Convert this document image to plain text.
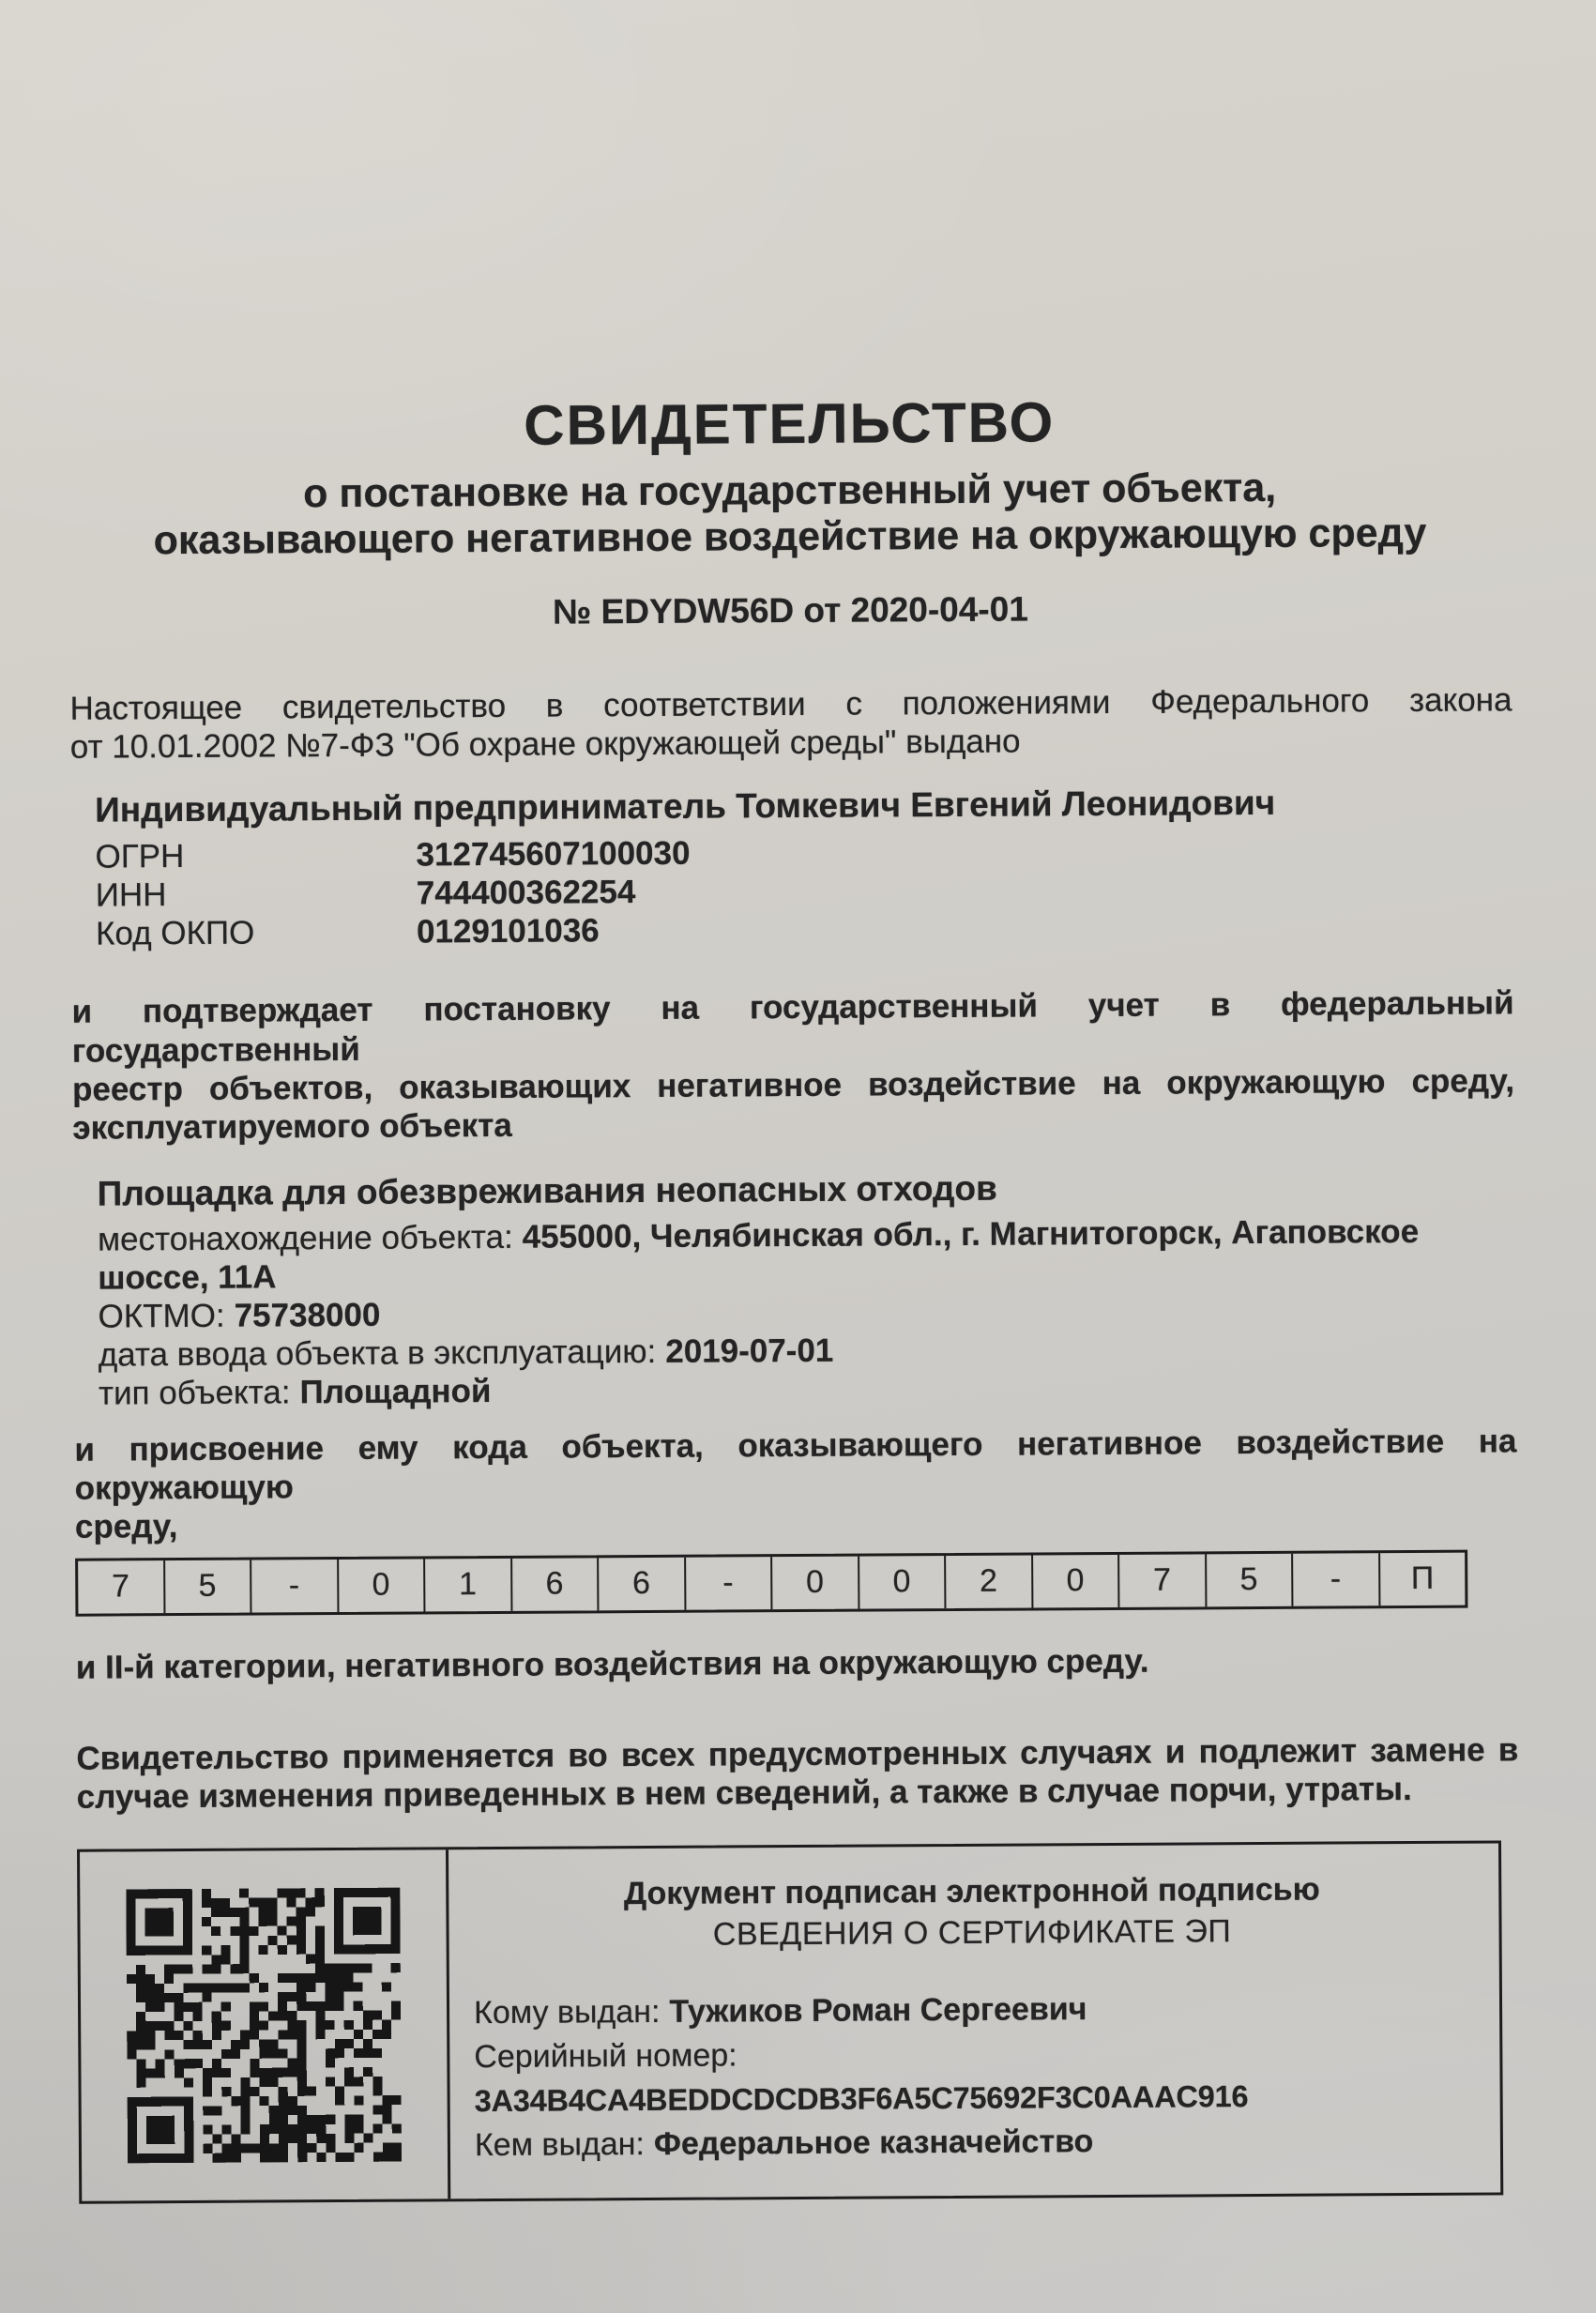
СВИДЕТЕЛЬСТВО
о постановке на государственный учет объекта,
оказывающего негативное воздействие на окружающую среду
№ EDYDW56D от 2020-04-01
Настоящее свидетельство в соответствии с положениями Федерального закона
от 10.01.2002 №7-ФЗ "Об охране окружающей среды" выдано
Индивидуальный предприниматель Томкевич Евгений Леонидович

ОГРН	312745607100030

ИНН	744400362254

Код ОКПО	0129101036

и подтверждает постановку на государственный учет в федеральный государственный
реестр объектов, оказывающих негативное воздействие на окружающую среду,
эксплуатируемого объекта
Площадка для обезвреживания неопасных отходов

местонахождение объекта: 455000, Челябинская обл., г. Магнитогорск, Агаповское шоссе, 11А

ОКТМО: 75738000

дата ввода объекта в эксплуатацию: 2019-07-01

тип объекта: Площадной

и присвоение ему кода объекта, оказывающего негативное воздействие на окружающую
среду,
7	5	-	0	1	6	6	-	0	0	2	0	7	5	-	П
и II-й категории, негативного воздействия на окружающую среду.
Свидетельство применяется во всех предусмотренных случаях и подлежит замене в
случае изменения приведенных в нем сведений, а также в случае порчи, утраты.
Документ подписан электронной подписью
СВЕДЕНИЯ О СЕРТИФИКАТЕ ЭП

Кому выдан: Тужиков Роман Сергеевич

Серийный номер:

3A34B4CA4BEDDCDCDB3F6A5C75692F3C0AAAC916

Кем выдан: Федеральное казначейство
